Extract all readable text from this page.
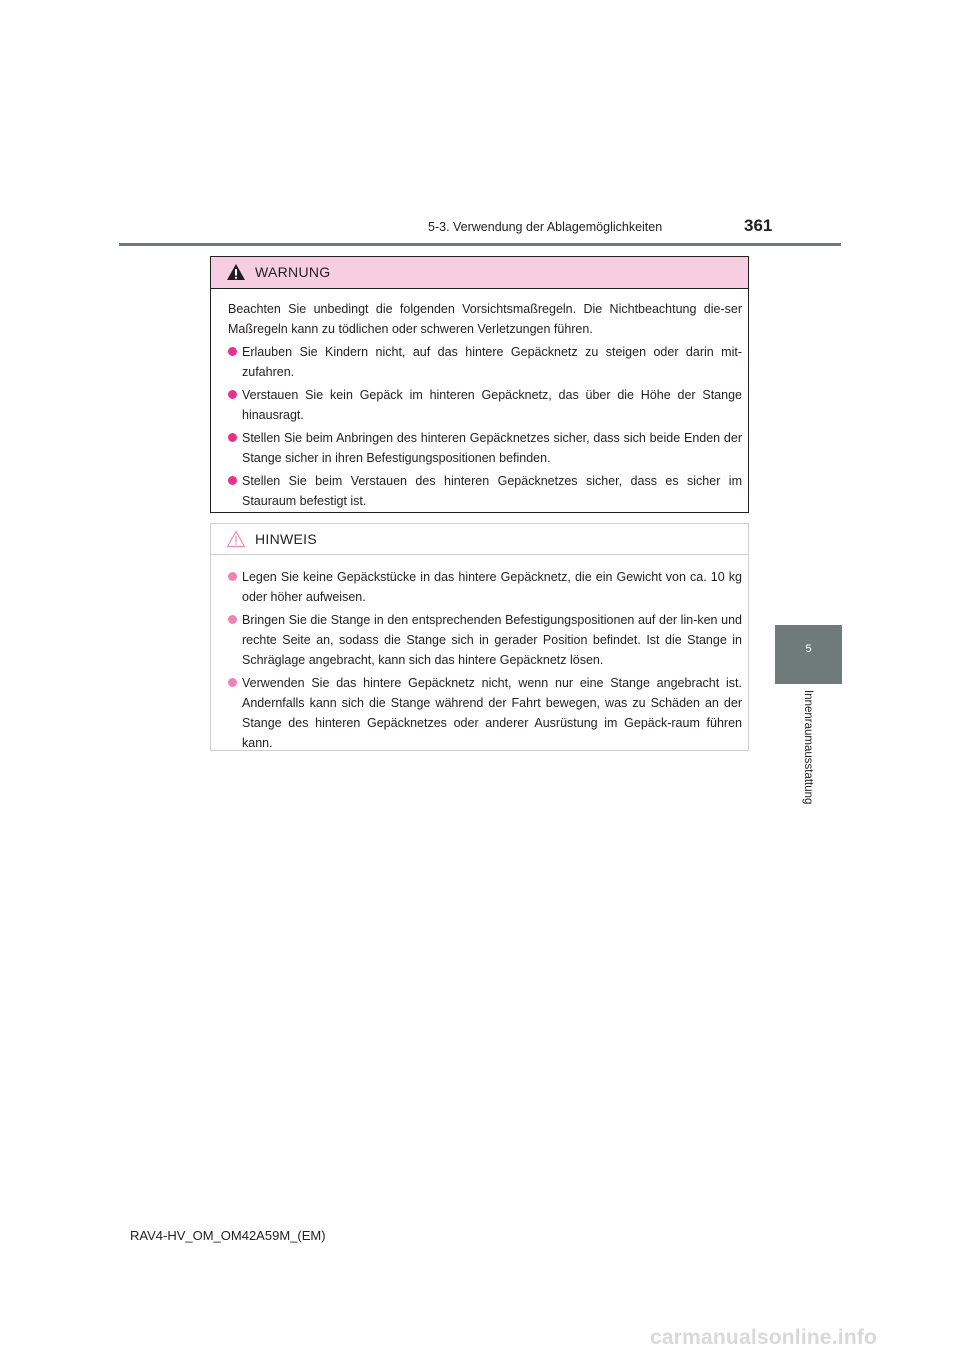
5-3. Verwendung der Ablagemöglichkeiten	361
5
Innenraumausstattung
WARNUNG

Beachten Sie unbedingt die folgenden Vorsichtsmaßregeln. Die Nichtbeachtung die-ser Maßregeln kann zu tödlichen oder schweren Verletzungen führen.

Erlauben Sie Kindern nicht, auf das hintere Gepäcknetz zu steigen oder darin mit-zufahren.
Verstauen Sie kein Gepäck im hinteren Gepäcknetz, das über die Höhe der Stange hinausragt.
Stellen Sie beim Anbringen des hinteren Gepäcknetzes sicher, dass sich beide Enden der Stange sicher in ihren Befestigungspositionen befinden.
Stellen Sie beim Verstauen des hinteren Gepäcknetzes sicher, dass es sicher im Stauraum befestigt ist.
HINWEIS
Legen Sie keine Gepäckstücke in das hintere Gepäcknetz, die ein Gewicht von ca. 10 kg oder höher aufweisen.
Bringen Sie die Stange in den entsprechenden Befestigungspositionen auf der lin-ken und rechte Seite an, sodass die Stange sich in gerader Position befindet. Ist die Stange in Schräglage angebracht, kann sich das hintere Gepäcknetz lösen.
Verwenden Sie das hintere Gepäcknetz nicht, wenn nur eine Stange angebracht ist. Andernfalls kann sich die Stange während der Fahrt bewegen, was zu Schäden an der Stange des hinteren Gepäcknetzes oder anderer Ausrüstung im Gepäck-raum führen kann.
RAV4-HV_OM_OM42A59M_(EM)
carmanualsonline.info
